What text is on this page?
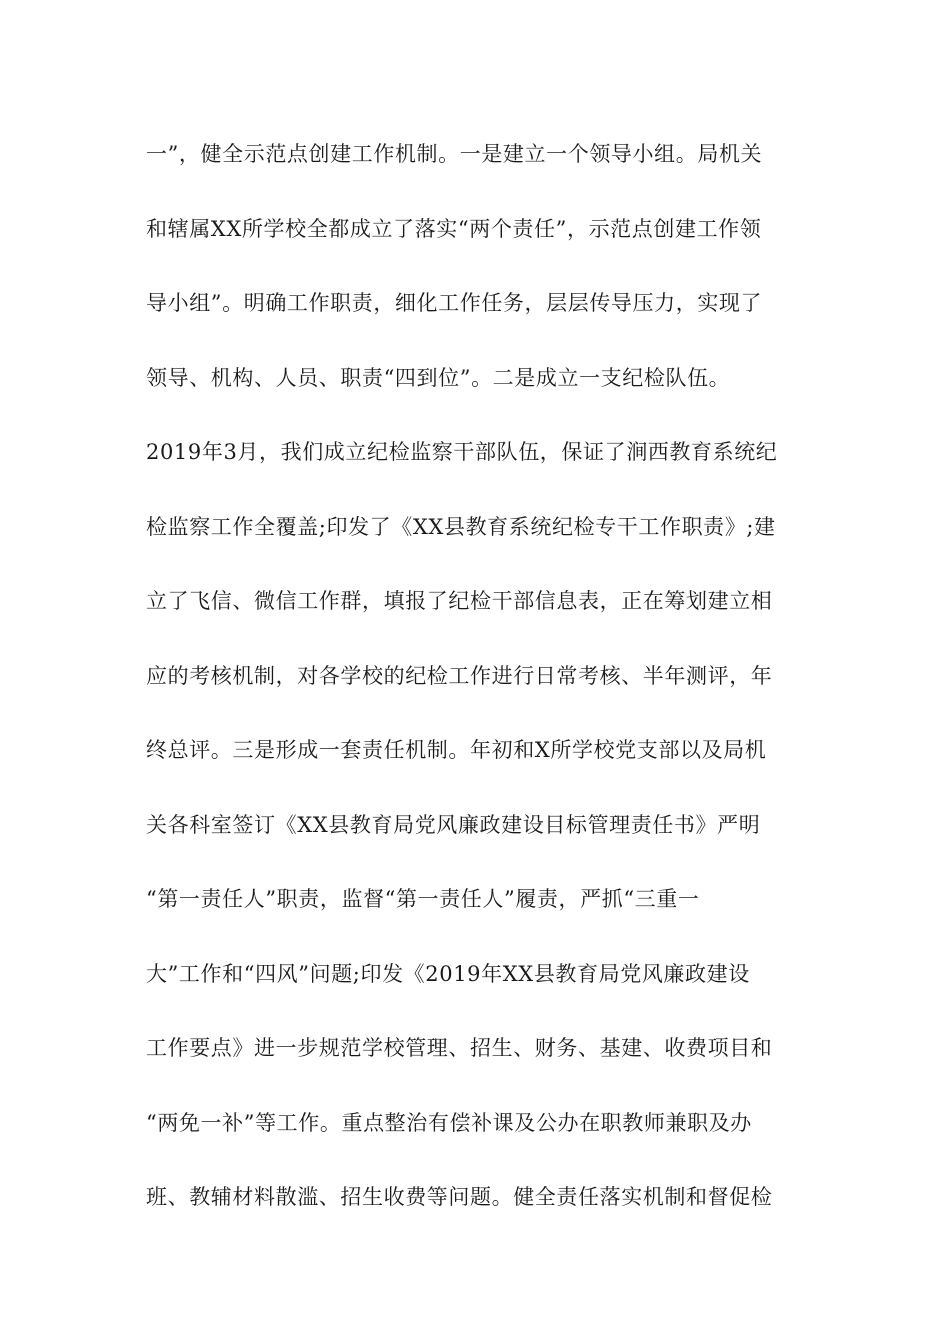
一”，健全示范点创建工作机制。一是建立一个领导小组。局机关
和辖属XX所学校全都成立了落实“两个责任”，示范点创建工作领
导小组”。明确工作职责，细化工作任务，层层传导压力，实现了
领导、机构、人员、职责“四到位”。二是成立一支纪检队伍。
2019年3月，我们成立纪检监察干部队伍，保证了涧西教育系统纪
检监察工作全覆盖;印发了《XX县教育系统纪检专干工作职责》;建
立了飞信、微信工作群，填报了纪检干部信息表，正在筹划建立相
应的考核机制，对各学校的纪检工作进行日常考核、半年测评，年
终总评。三是形成一套责任机制。年初和X所学校党支部以及局机
关各科室签订《XX县教育局党风廉政建设目标管理责任书》严明
“第一责任人”职责，监督“第一责任人”履责，严抓“三重一
大”工作和“四风”问题;印发《2019年XX县教育局党风廉政建设
工作要点》进一步规范学校管理、招生、财务、基建、收费项目和
“两免一补”等工作。重点整治有偿补课及公办在职教师兼职及办
班、教辅材料散滥、招生收费等问题。健全责任落实机制和督促检
